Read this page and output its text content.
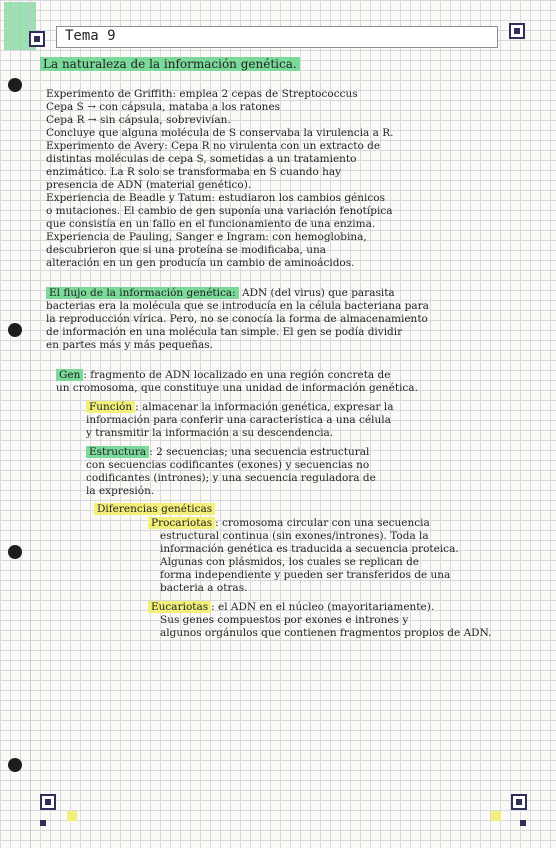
Tema 9
La naturaleza de la información genética.
Experimento de Griffith: emplea 2 cepas de Streptococcus
Cepa S → con cápsula, mataba a los ratones
Cepa R → sin cápsula, sobrevivían.
Concluye que alguna molécula de S conservaba la virulencia a R.
Experimento de Avery: Cepa R no virulenta con un extracto de
distintas moléculas de cepa S, sometidas a un tratamiento
enzimático. La R solo se transformaba en S cuando hay
presencia de ADN (material genético).
Experiencia de Beadle y Tatum: estudiaron los cambios génicos
o mutaciones. El cambio de gen suponía una variación fenotípica
que consistía en un fallo en el funcionamiento de una enzima.
Experiencia de Pauling, Sanger e Ingram: con hemoglobina,
descubrieron que si una proteína se modificaba, una
alteración en un gen producía un cambio de aminoácidos.
El flujo de la información genética: ADN (del virus) que parasita
bacterias era la molécula que se introducía en la célula bacteriana para
la reproducción vírica. Pero, no se conocía la forma de almacenamiento
de información en una molécula tan simple. El gen se podía dividir
en partes más y más pequeñas.
Gen : fragmento de ADN localizado en una región concreta de
un cromosoma, que constituye una unidad de información genética.
Función : almacenar la información genética, expresar la
información para conferir una característica a una célula
y transmitir la información a su descendencia.
Estructura : 2 secuencias; una secuencia estructural
con secuencias codificantes (exones) y secuencias no
codificantes (intrones); y una secuencia reguladora de
la expresión.
Diferencias genéticas
Procariotas : cromosoma circular con una secuencia
estructural continua (sin exones/intrones). Toda la
información genética es traducida a secuencia proteica.
Algunas con plásmidos, los cuales se replican de
forma independiente y pueden ser transferidos de una
bacteria a otras.
Eucariotas : el ADN en el núcleo (mayoritariamente).
Sus genes compuestos por exones e intrones y
algunos orgánulos que contienen fragmentos propios de ADN.
